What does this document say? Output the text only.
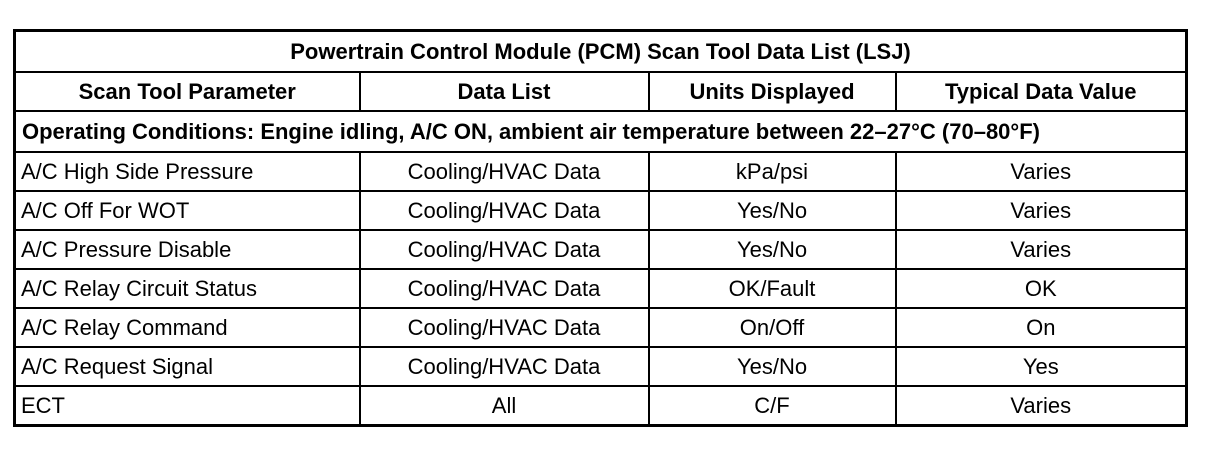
Powertrain Control Module (PCM) Scan Tool Data List (LSJ)			
Scan Tool Parameter	Data List	Units Displayed	Typical Data Value
Operating Conditions: Engine idling, A/C ON, ambient air temperature between 22–27°C (70–80°F)			
A/C High Side Pressure	Cooling/HVAC Data	kPa/psi	Varies
A/C Off For WOT	Cooling/HVAC Data	Yes/No	Varies
A/C Pressure Disable	Cooling/HVAC Data	Yes/No	Varies
A/C Relay Circuit Status	Cooling/HVAC Data	OK/Fault	OK
A/C Relay Command	Cooling/HVAC Data	On/Off	On
A/C Request Signal	Cooling/HVAC Data	Yes/No	Yes
ECT	All	C/F	Varies
